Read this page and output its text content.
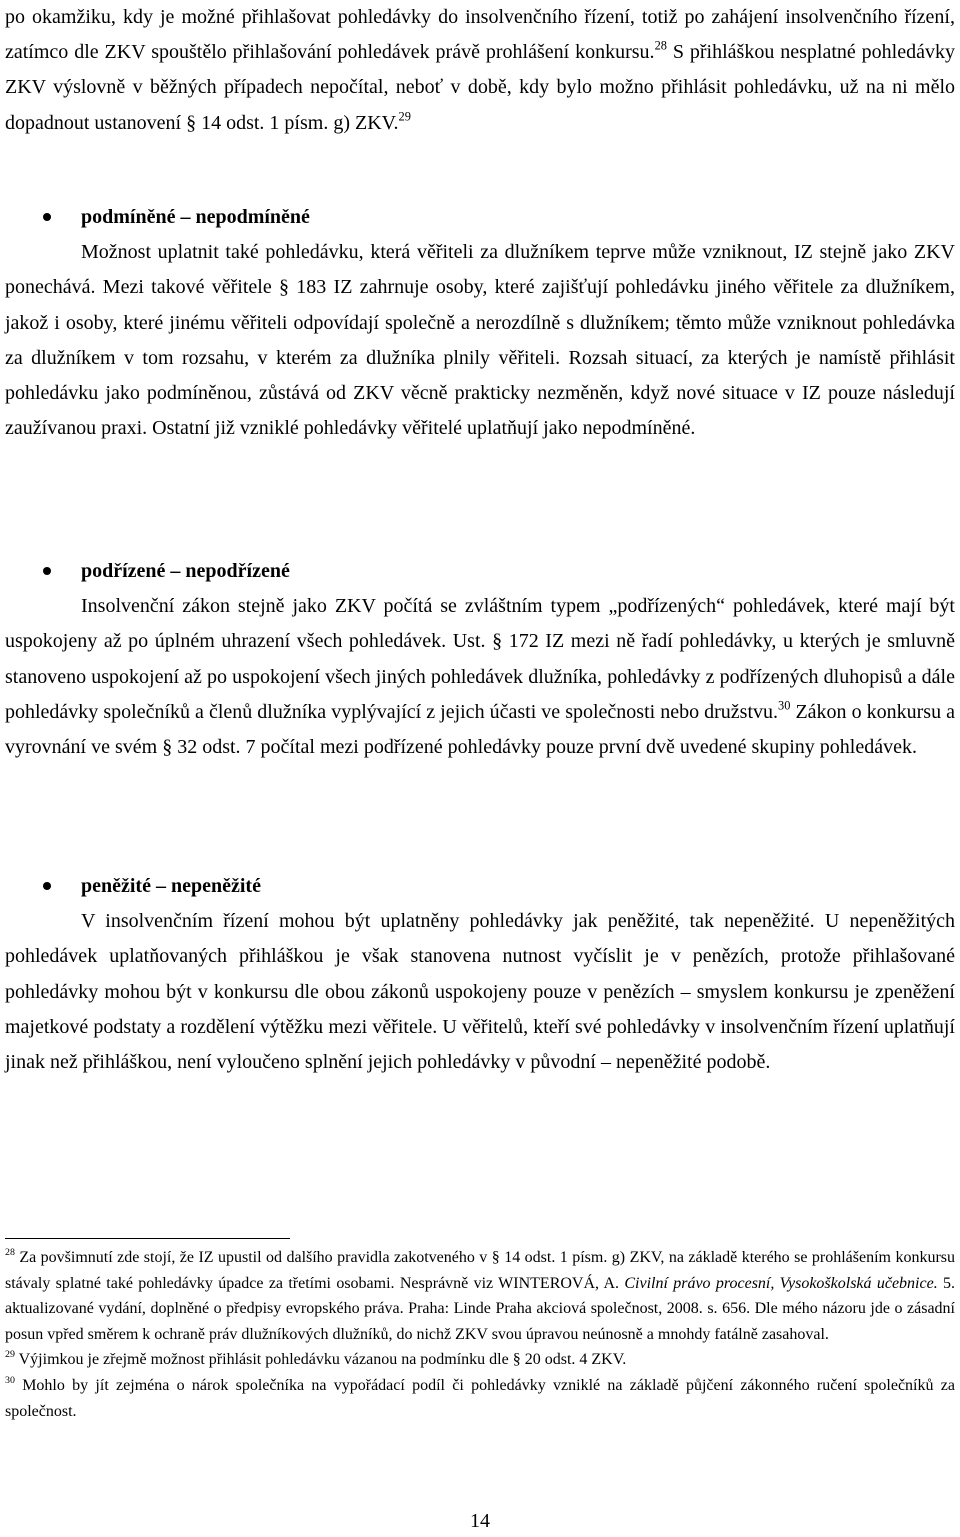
po okamžiku, kdy je možné přihlašovat pohledávky do insolvenčního řízení, totiž po zahájení insolvenčního řízení, zatímco dle ZKV spouštělo přihlašování pohledávek právě prohlášení konkursu.$^{28}$ S přihláškou nesplatné pohledávky ZKV výslovně v běžných případech nepočítal, neboť v době, kdy bylo možno přihlásit pohledávku, už na ni mělo dopadnout ustanovení § 14 odst. 1 písm. g) ZKV.$^{29}$

podmíněné – nepodmíněné

Možnost uplatnit také pohledávku, která věřiteli za dlužníkem teprve může vzniknout, IZ stejně jako ZKV ponechává. Mezi takové věřitele § 183 IZ zahrnuje osoby, které zajišťují pohledávku jiného věřitele za dlužníkem, jakož i osoby, které jinému věřiteli odpovídají společně a nerozdílně s dlužníkem; těmto může vzniknout pohledávka za dlužníkem v tom rozsahu, v kterém za dlužníka plnily věřiteli. Rozsah situací, za kterých je namístě přihlásit pohledávku jako podmíněnou, zůstává od ZKV věcně prakticky nezměněn, když nové situace v IZ pouze následují zaužívanou praxi. Ostatní již vzniklé pohledávky věřitelé uplatňují jako nepodmíněné.

podřízené – nepodřízené

Insolvenční zákon stejně jako ZKV počítá se zvláštním typem „podřízených“ pohledávek, které mají být uspokojeny až po úplném uhrazení všech pohledávek. Ust. § 172 IZ mezi ně řadí pohledávky, u kterých je smluvně stanoveno uspokojení až po uspokojení všech jiných pohledávek dlužníka, pohledávky z podřízených dluhopisů a dále pohledávky společníků a členů dlužníka vyplývající z jejich účasti ve společnosti nebo družstvu.$^{30}$ Zákon o konkursu a vyrovnání ve svém § 32 odst. 7 počítal mezi podřízené pohledávky pouze první dvě uvedené skupiny pohledávek.

peněžité – nepeněžité

V insolvenčním řízení mohou být uplatněny pohledávky jak peněžité, tak nepeněžité. U nepeněžitých pohledávek uplatňovaných přihláškou je však stanovena nutnost vyčíslit je v penězích, protože přihlašované pohledávky mohou být v konkursu dle obou zákonů uspokojeny pouze v penězích – smyslem konkursu je zpeněžení majetkové podstaty a rozdělení výtěžku mezi věřitele. U věřitelů, kteří své pohledávky v insolvenčním řízení uplatňují jinak než přihláškou, není vyloučeno splnění jejich pohledávky v původní – nepeněžité podobě.

$^{28}$ Za povšimnutí zde stojí, že IZ upustil od dalšího pravidla zakotveného v § 14 odst. 1 písm. g) ZKV, na základě kterého se prohlášením konkursu stávaly splatné také pohledávky úpadce za třetími osobami. Nesprávně viz WINTEROVÁ, A. Civilní právo procesní, Vysokoškolská učebnice. 5. aktualizované vydání, doplněné o předpisy evropského práva. Praha: Linde Praha akciová společnost, 2008. s. 656. Dle mého názoru jde o zásadní posun vpřed směrem k ochraně práv dlužníkových dlužníků, do nichž ZKV svou úpravou neúnosně a mnohdy fatálně zasahoval.

$^{29}$ Výjimkou je zřejmě možnost přihlásit pohledávku vázanou na podmínku dle § 20 odst. 4 ZKV.

$^{30}$ Mohlo by jít zejména o nárok společníka na vypořádací podíl či pohledávky vzniklé na základě půjčení zákonného ručení společníků za společnost.

14
